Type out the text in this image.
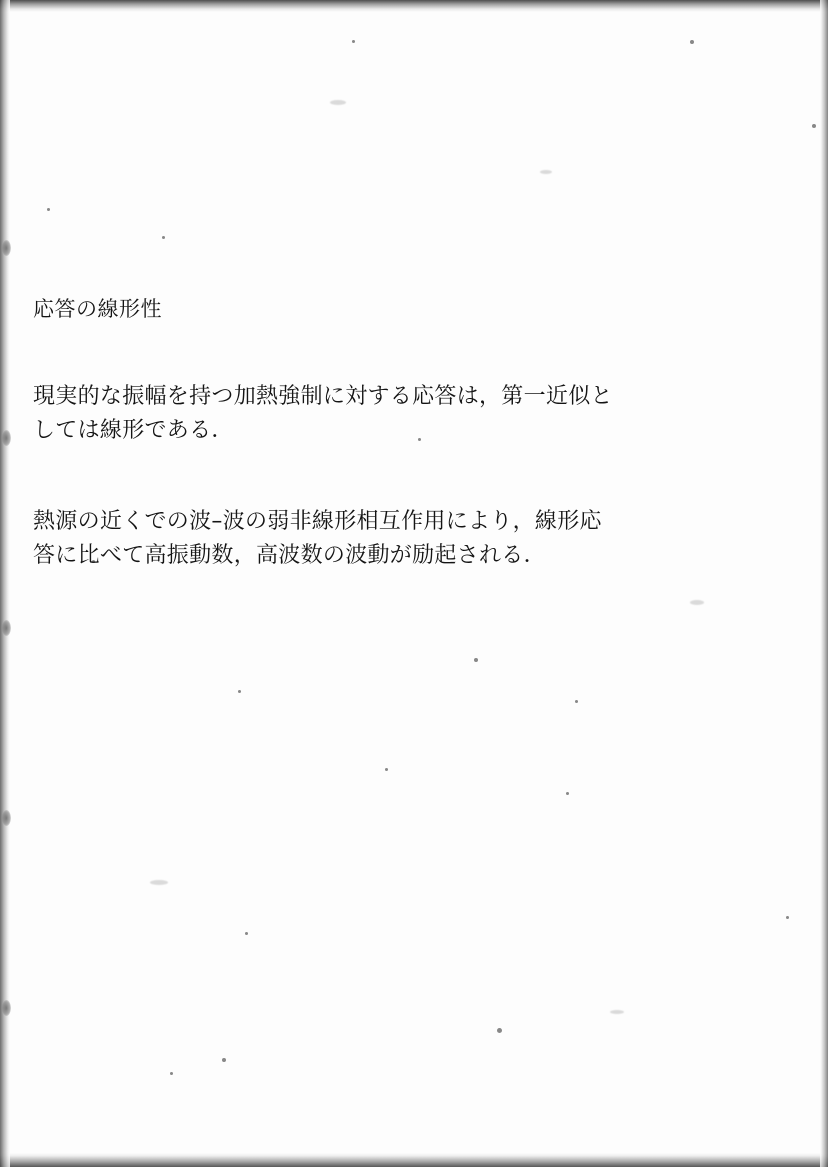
応答の線形性
現実的な振幅を持つ加熱強制に対する応答は，第一近似と
しては線形である．
熱源の近くでの波–波の弱非線形相互作用により，線形応
答に比べて高振動数，高波数の波動が励起される．
